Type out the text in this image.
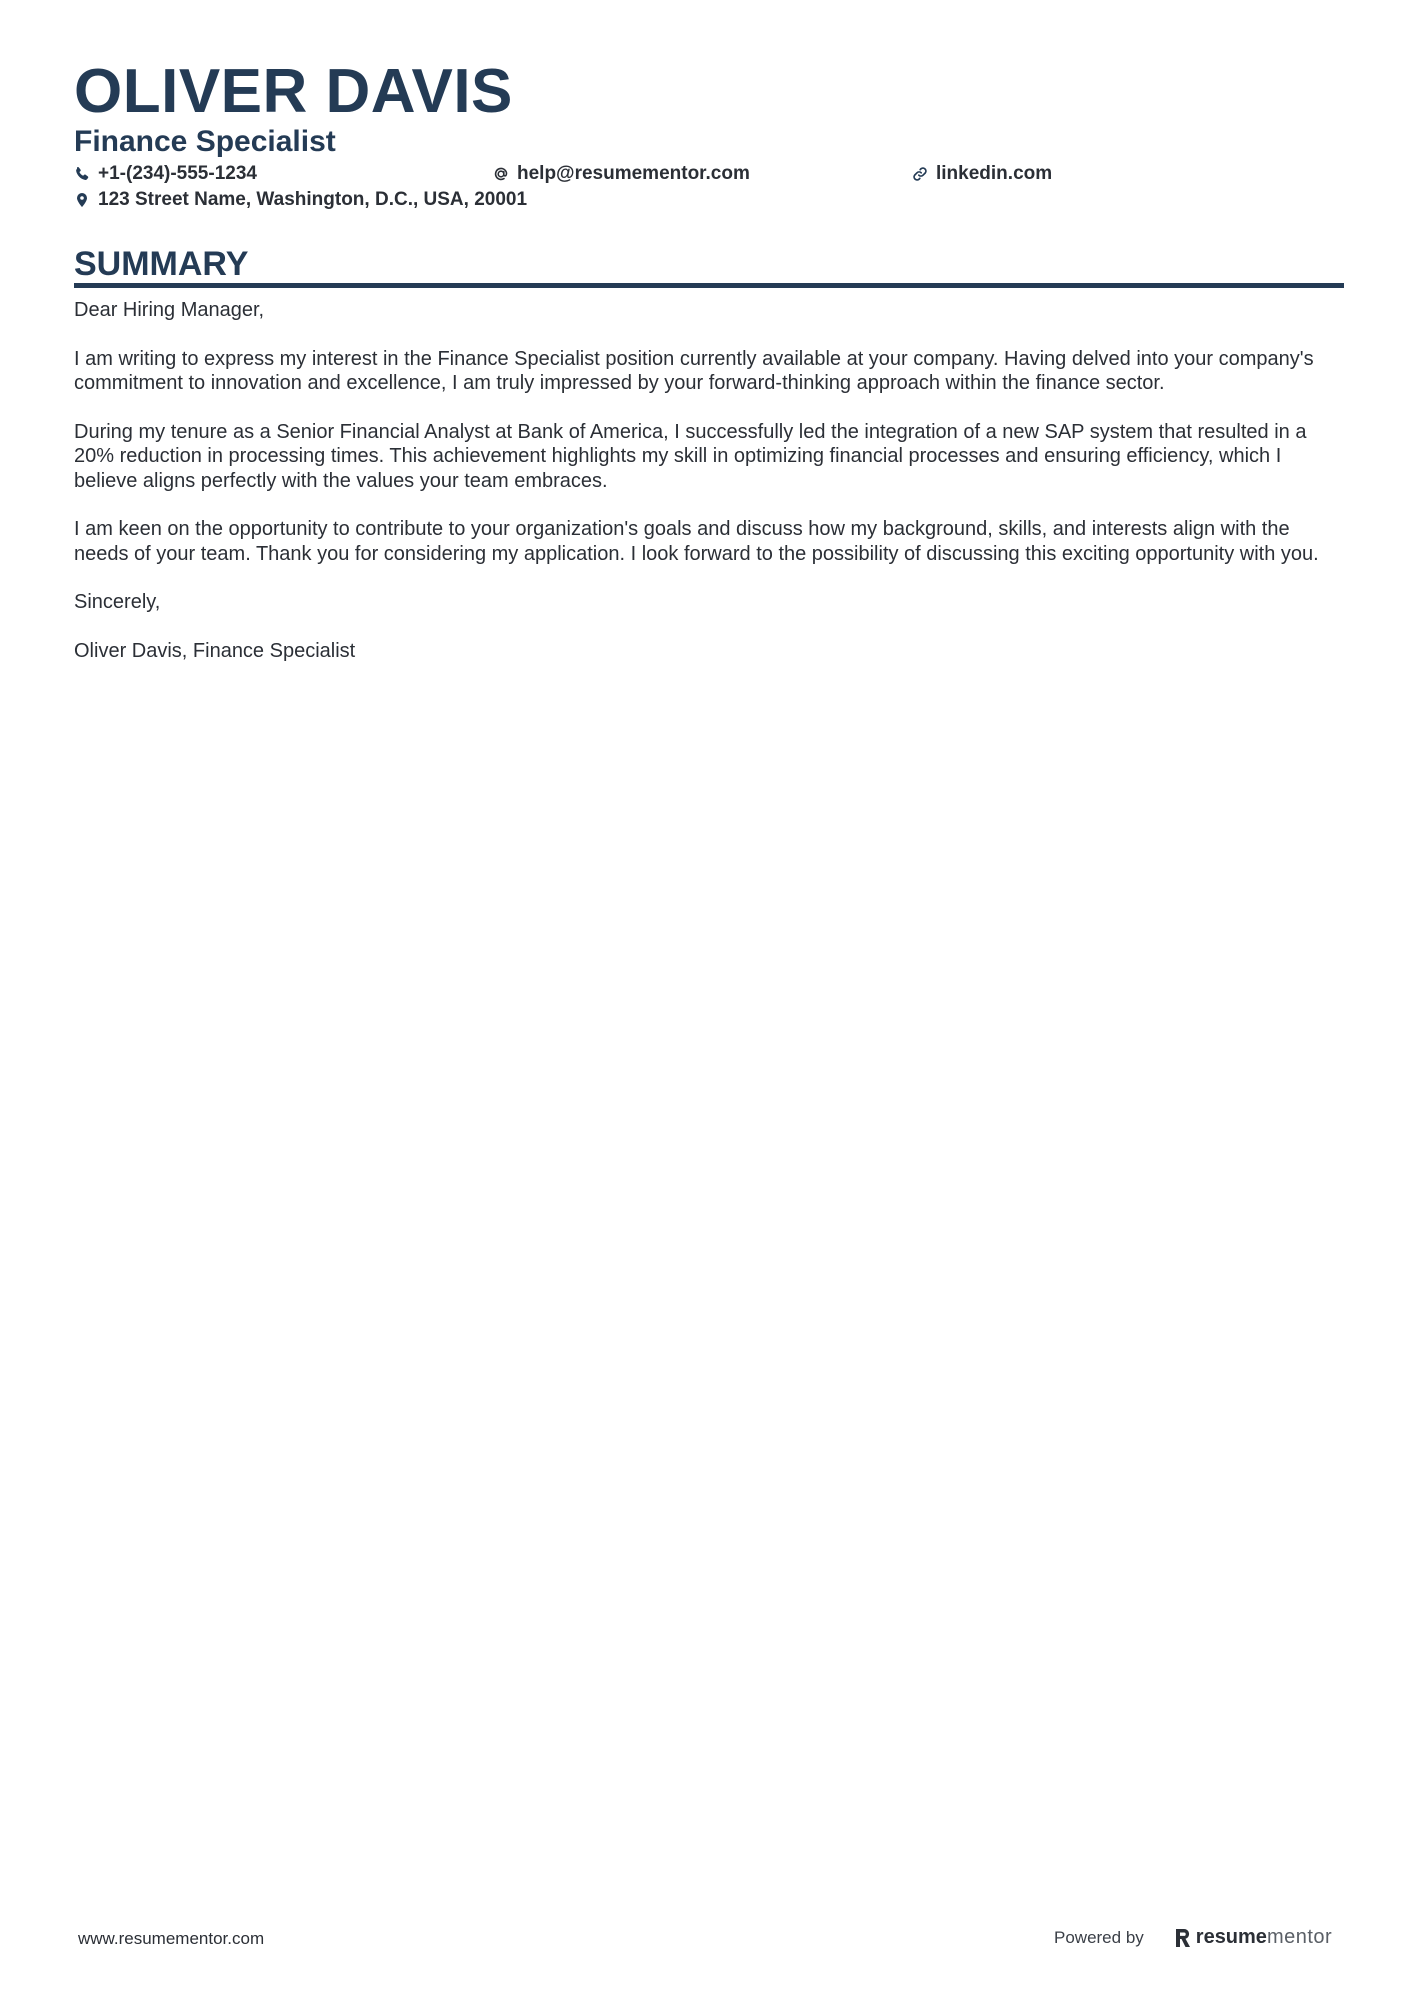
OLIVER DAVIS
Finance Specialist
+1-(234)-555-1234	help@resumementor.com	linkedin.com
123 Street Name, Washington, D.C., USA, 20001
SUMMARY

Dear Hiring Manager,

I am writing to express my interest in the Finance Specialist position currently available at your company. Having delved into your company's commitment to innovation and excellence, I am truly impressed by your forward-thinking approach within the finance sector.

During my tenure as a Senior Financial Analyst at Bank of America, I successfully led the integration of a new SAP system that resulted in a 20% reduction in processing times. This achievement highlights my skill in optimizing financial processes and ensuring efficiency, which I believe aligns perfectly with the values your team embraces.

I am keen on the opportunity to contribute to your organization's goals and discuss how my background, skills, and interests align with the needs of your team. Thank you for considering my application. I look forward to the possibility of discussing this exciting opportunity with you.

Sincerely,

Oliver Davis, Finance Specialist

www.resumementor.com	Powered by	resume mentor
